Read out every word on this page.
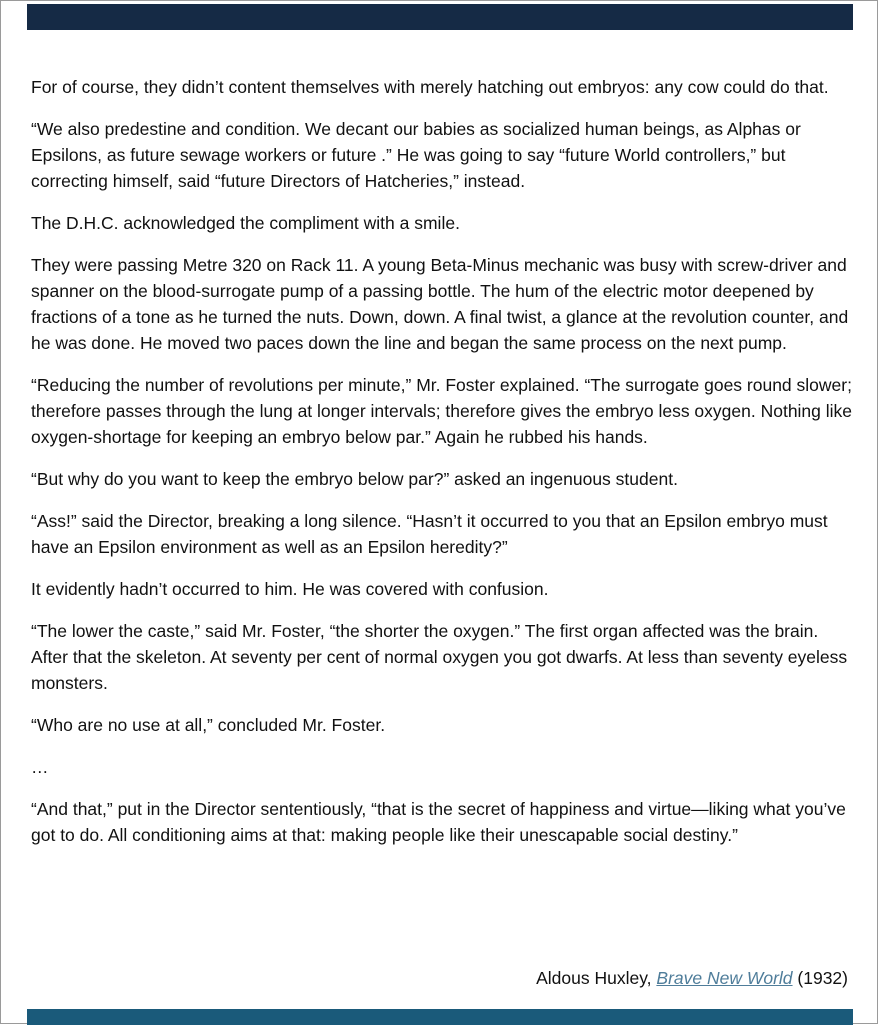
For of course, they didn’t content themselves with merely hatching out embryos: any cow could do that.

“We also predestine and condition. We decant our babies as socialized human beings, as Alphas or Epsilons, as future sewage workers or future .” He was going to say “future World controllers,” but correcting himself, said “future Directors of Hatcheries,” instead.

The D.H.C. acknowledged the compliment with a smile.

They were passing Metre 320 on Rack 11. A young Beta-Minus mechanic was busy with screw-driver and spanner on the blood-surrogate pump of a passing bottle. The hum of the electric motor deepened by fractions of a tone as he turned the nuts. Down, down. A final twist, a glance at the revolution counter, and he was done. He moved two paces down the line and began the same process on the next pump.

“Reducing the number of revolutions per minute,” Mr. Foster explained. “The surrogate goes round slower; therefore passes through the lung at longer intervals; therefore gives the embryo less oxygen. Nothing like oxygen-shortage for keeping an embryo below par.” Again he rubbed his hands.

“But why do you want to keep the embryo below par?” asked an ingenuous student.

“Ass!” said the Director, breaking a long silence. “Hasn’t it occurred to you that an Epsilon embryo must have an Epsilon environment as well as an Epsilon heredity?”

It evidently hadn’t occurred to him. He was covered with confusion.

“The lower the caste,” said Mr. Foster, “the shorter the oxygen.” The first organ affected was the brain. After that the skeleton. At seventy per cent of normal oxygen you got dwarfs. At less than seventy eyeless monsters.

“Who are no use at all,” concluded Mr. Foster.

…

“And that,” put in the Director sententiously, “that is the secret of happiness and virtue—liking what you’ve got to do. All conditioning aims at that: making people like their unescapable social destiny.”

Aldous Huxley, Brave New World (1932)
